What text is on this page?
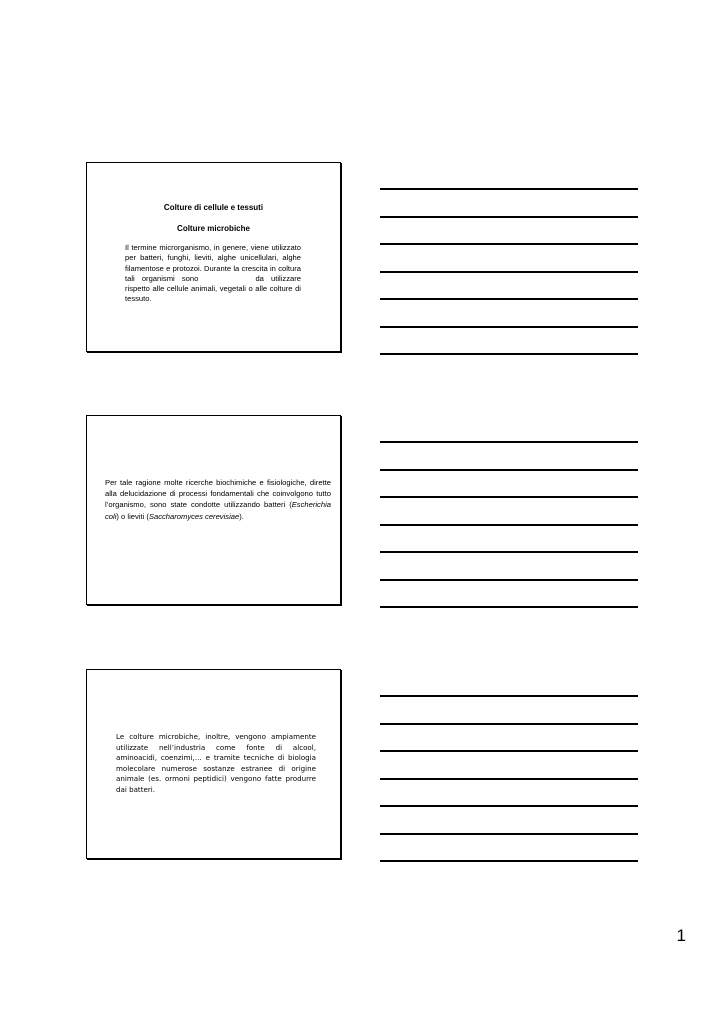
Colture di cellule e tessuti
Colture microbiche
Il termine microrganismo, in genere, viene utilizzato per batteri, funghi, lieviti, alghe unicellulari, alghe filamentose e protozoi. Durante la crescita in coltura tali organismi sono	da utilizzare rispetto alle cellule animali, vegetali o alle colture di tessuto.
Per tale ragione molte ricerche biochimiche e fisiologiche, dirette alla delucidazione di processi fondamentali che coinvolgono tutto l’organismo, sono state condotte utilizzando batteri (Escherichia coli) o lieviti (Saccharomyces cerevisiae).
Le colture microbiche, inoltre, vengono ampiamente utilizzate nell’industria come fonte di alcool, aminoacidi, coenzimi,… e tramite tecniche di biologia molecolare numerose sostanze estranee di origine animale (es. ormoni peptidici) vengono fatte produrre dai batteri.
1
